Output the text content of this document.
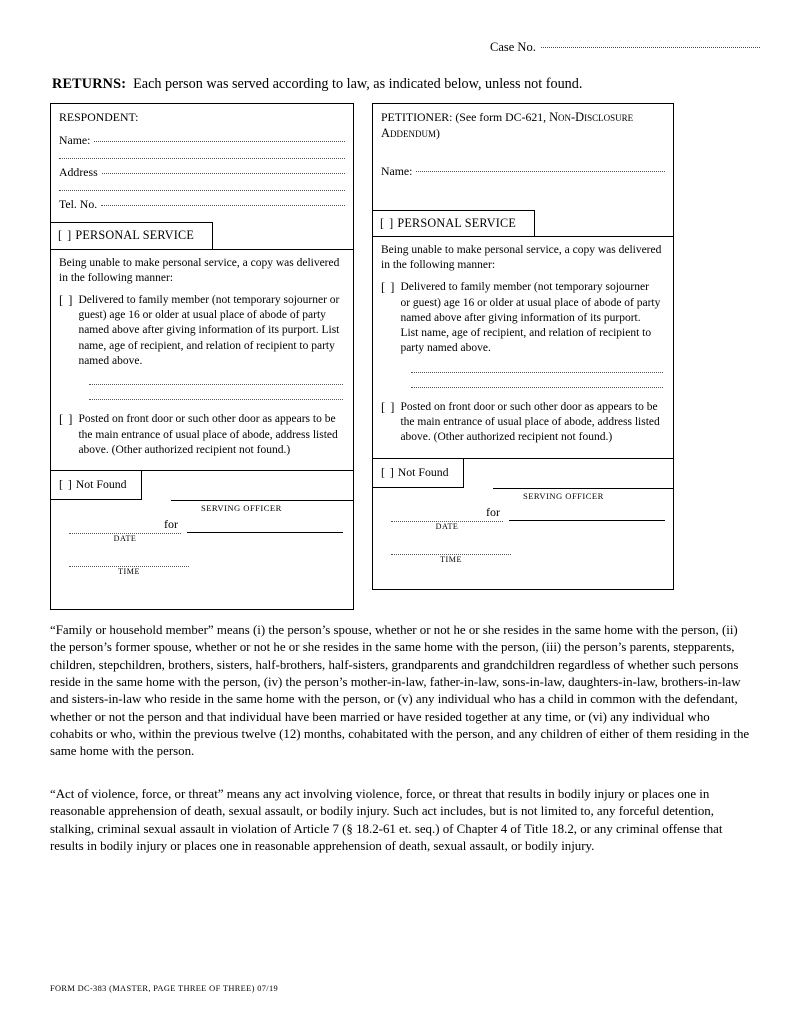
Case No.
RETURNS: Each person was served according to law, as indicated below, unless not found.
RESPONDENT:
Name:
Address
Tel. No.
[ ] PERSONAL SERVICE
Being unable to make personal service, a copy was delivered in the following manner:
[ ] Delivered to family member (not temporary sojourner or guest) age 16 or older at usual place of abode of party named above after giving information of its purport. List name, age of recipient, and relation of recipient to party named above.
[ ] Posted on front door or such other door as appears to be the main entrance of usual place of abode, address listed above. (Other authorized recipient not found.)
[ ] Not Found
SERVING OFFICER
DATE
for
TIME
PETITIONER: (See form DC-621, Non-Disclosure Addendum)
Name:
[ ] PERSONAL SERVICE
Being unable to make personal service, a copy was delivered in the following manner:
[ ] Delivered to family member (not temporary sojourner or guest) age 16 or older at usual place of abode of party named above after giving information of its purport. List name, age of recipient, and relation of recipient to party named above.
[ ] Posted on front door or such other door as appears to be the main entrance of usual place of abode, address listed above. (Other authorized recipient not found.)
[ ] Not Found
SERVING OFFICER
DATE
for
TIME
“Family or household member” means (i) the person’s spouse, whether or not he or she resides in the same home with the person, (ii) the person’s former spouse, whether or not he or she resides in the same home with the person, (iii) the person’s parents, stepparents, children, stepchildren, brothers, sisters, half-brothers, half-sisters, grandparents and grandchildren regardless of whether such persons reside in the same home with the person, (iv) the person’s mother-in-law, father-in-law, sons-in-law, daughters-in-law, brothers-in-law and sisters-in-law who reside in the same home with the person, or (v) any individual who has a child in common with the defendant, whether or not the person and that individual have been married or have resided together at any time, or (vi) any individual who cohabits or who, within the previous twelve (12) months, cohabitated with the person, and any children of either of them residing in the same home with the person.
“Act of violence, force, or threat” means any act involving violence, force, or threat that results in bodily injury or places one in reasonable apprehension of death, sexual assault, or bodily injury. Such act includes, but is not limited to, any forceful detention, stalking, criminal sexual assault in violation of Article 7 (§ 18.2-61 et. seq.) of Chapter 4 of Title 18.2, or any criminal offense that results in bodily injury or places one in reasonable apprehension of death, sexual assault, or bodily injury.
FORM DC-383 (MASTER, PAGE THREE OF THREE) 07/19
